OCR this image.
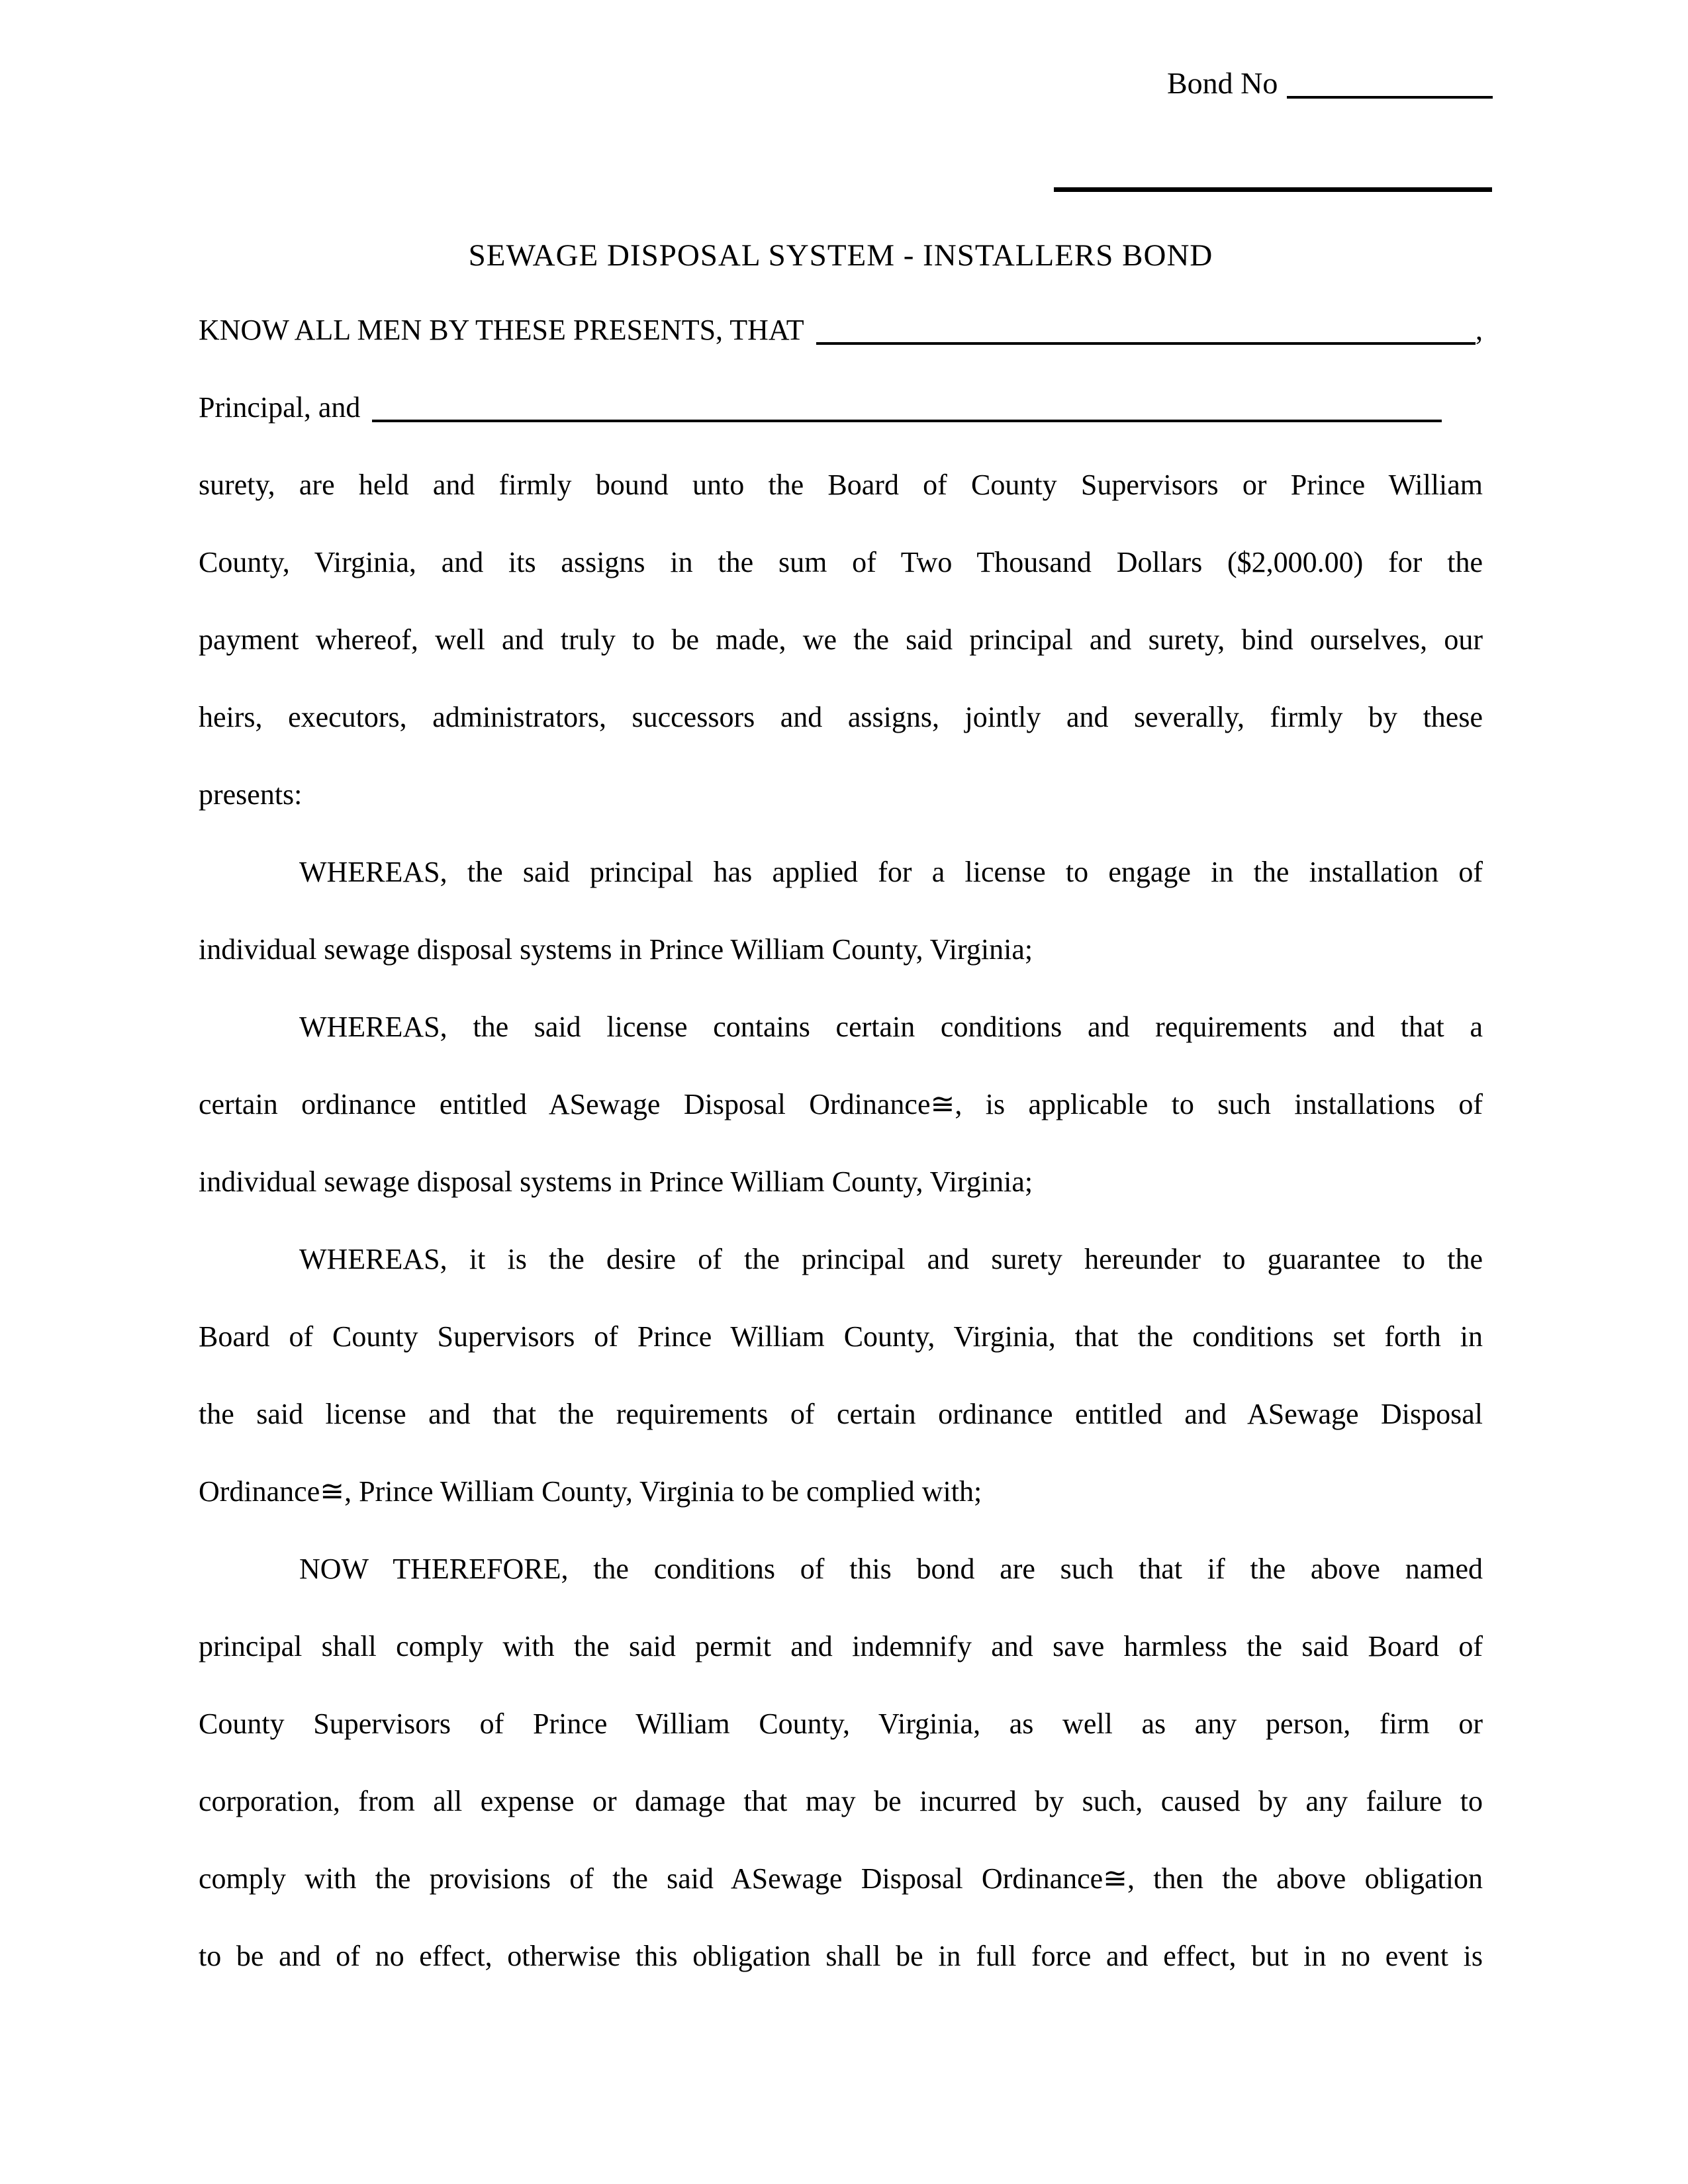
Bond No
SEWAGE DISPOSAL SYSTEM - INSTALLERS BOND
KNOW ALL MEN BY THESE PRESENTS, THAT	,
Principal, and
surety, are held and firmly bound unto the Board of County Supervisors or Prince William
County, Virginia, and its assigns in the sum of Two Thousand Dollars ($2,000.00) for the
payment whereof, well and truly to be made, we the said principal and surety, bind ourselves, our
heirs, executors, administrators, successors and assigns, jointly and severally, firmly by these
presents:
WHEREAS, the said principal has applied for a license to engage in the installation of
individual sewage disposal systems in Prince William County, Virginia;
WHEREAS, the said license contains certain conditions and requirements and that a
certain ordinance entitled ASewage Disposal Ordinance≅, is applicable to such installations of
individual sewage disposal systems in Prince William County, Virginia;
WHEREAS, it is the desire of the principal and surety hereunder to guarantee to the
Board of County Supervisors of Prince William County, Virginia, that the conditions set forth in
the said license and that the requirements of certain ordinance entitled and ASewage Disposal
Ordinance≅, Prince William County, Virginia to be complied with;
NOW THEREFORE, the conditions of this bond are such that if the above named
principal shall comply with the said permit and indemnify and save harmless the said Board of
County Supervisors of Prince William County, Virginia, as well as any person, firm or
corporation, from all expense or damage that may be incurred by such, caused by any failure to
comply with the provisions of the said ASewage Disposal Ordinance≅, then the above obligation
to be and of no effect, otherwise this obligation shall be in full force and effect, but in no event is
